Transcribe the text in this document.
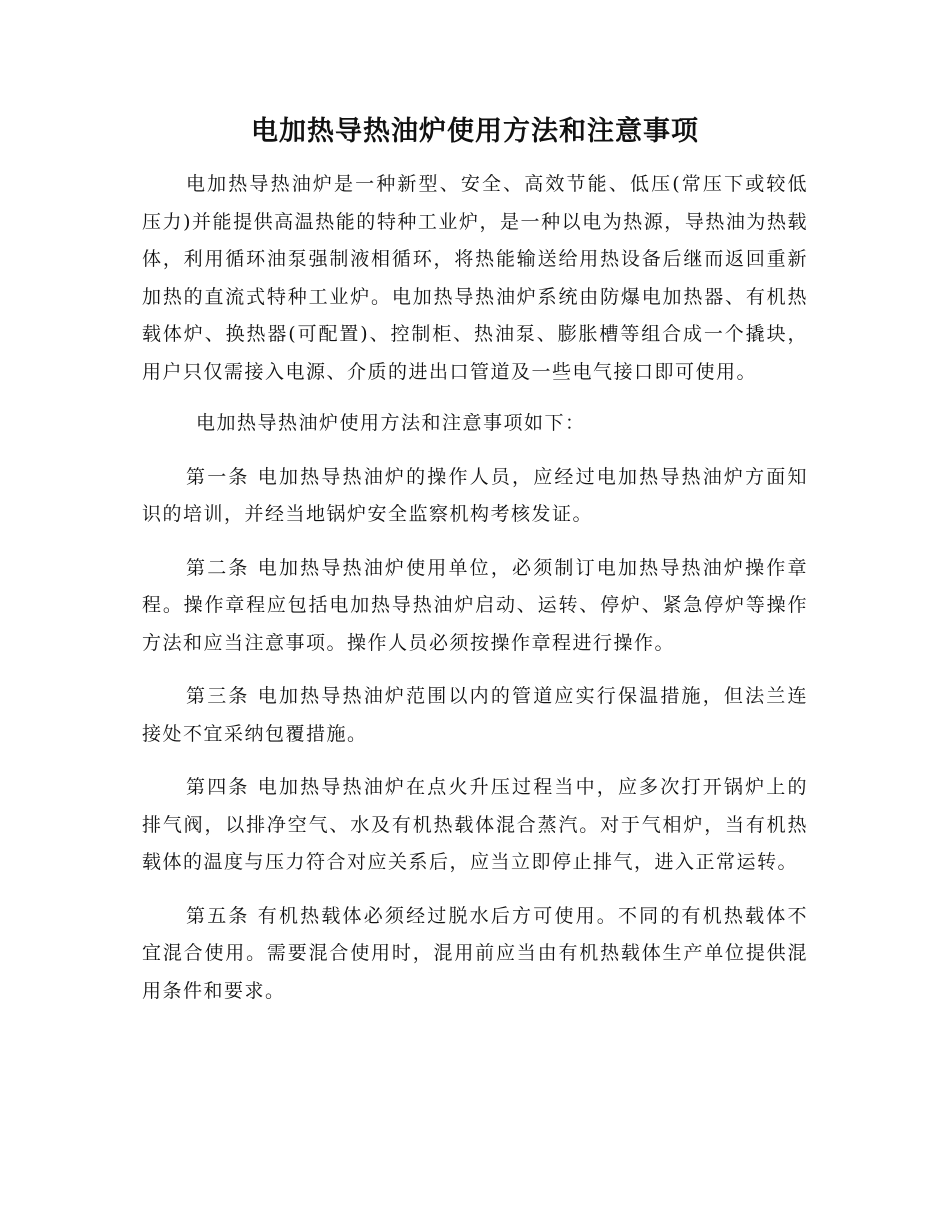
电加热导热油炉使用方法和注意事项

电加热导热油炉是一种新型、安全、高效节能、低压(常压下或较低压力)并能提供高温热能的特种工业炉，是一种以电为热源，导热油为热载体，利用循环油泵强制液相循环，将热能输送给用热设备后继而返回重新加热的直流式特种工业炉。电加热导热油炉系统由防爆电加热器、有机热载体炉、换热器(可配置)、控制柜、热油泵、膨胀槽等组合成一个撬块，用户只仅需接入电源、介质的进出口管道及一些电气接口即可使用。

电加热导热油炉使用方法和注意事项如下：

第一条 电加热导热油炉的操作人员，应经过电加热导热油炉方面知识的培训，并经当地锅炉安全监察机构考核发证。

第二条 电加热导热油炉使用单位，必须制订电加热导热油炉操作章程。操作章程应包括电加热导热油炉启动、运转、停炉、紧急停炉等操作方法和应当注意事项。操作人员必须按操作章程进行操作。

第三条 电加热导热油炉范围以内的管道应实行保温措施，但法兰连接处不宜采纳包覆措施。

第四条 电加热导热油炉在点火升压过程当中，应多次打开锅炉上的排气阀，以排净空气、水及有机热载体混合蒸汽。对于气相炉，当有机热载体的温度与压力符合对应关系后，应当立即停止排气，进入正常运转。

第五条 有机热载体必须经过脱水后方可使用。不同的有机热载体不宜混合使用。需要混合使用时，混用前应当由有机热载体生产单位提供混用条件和要求。
